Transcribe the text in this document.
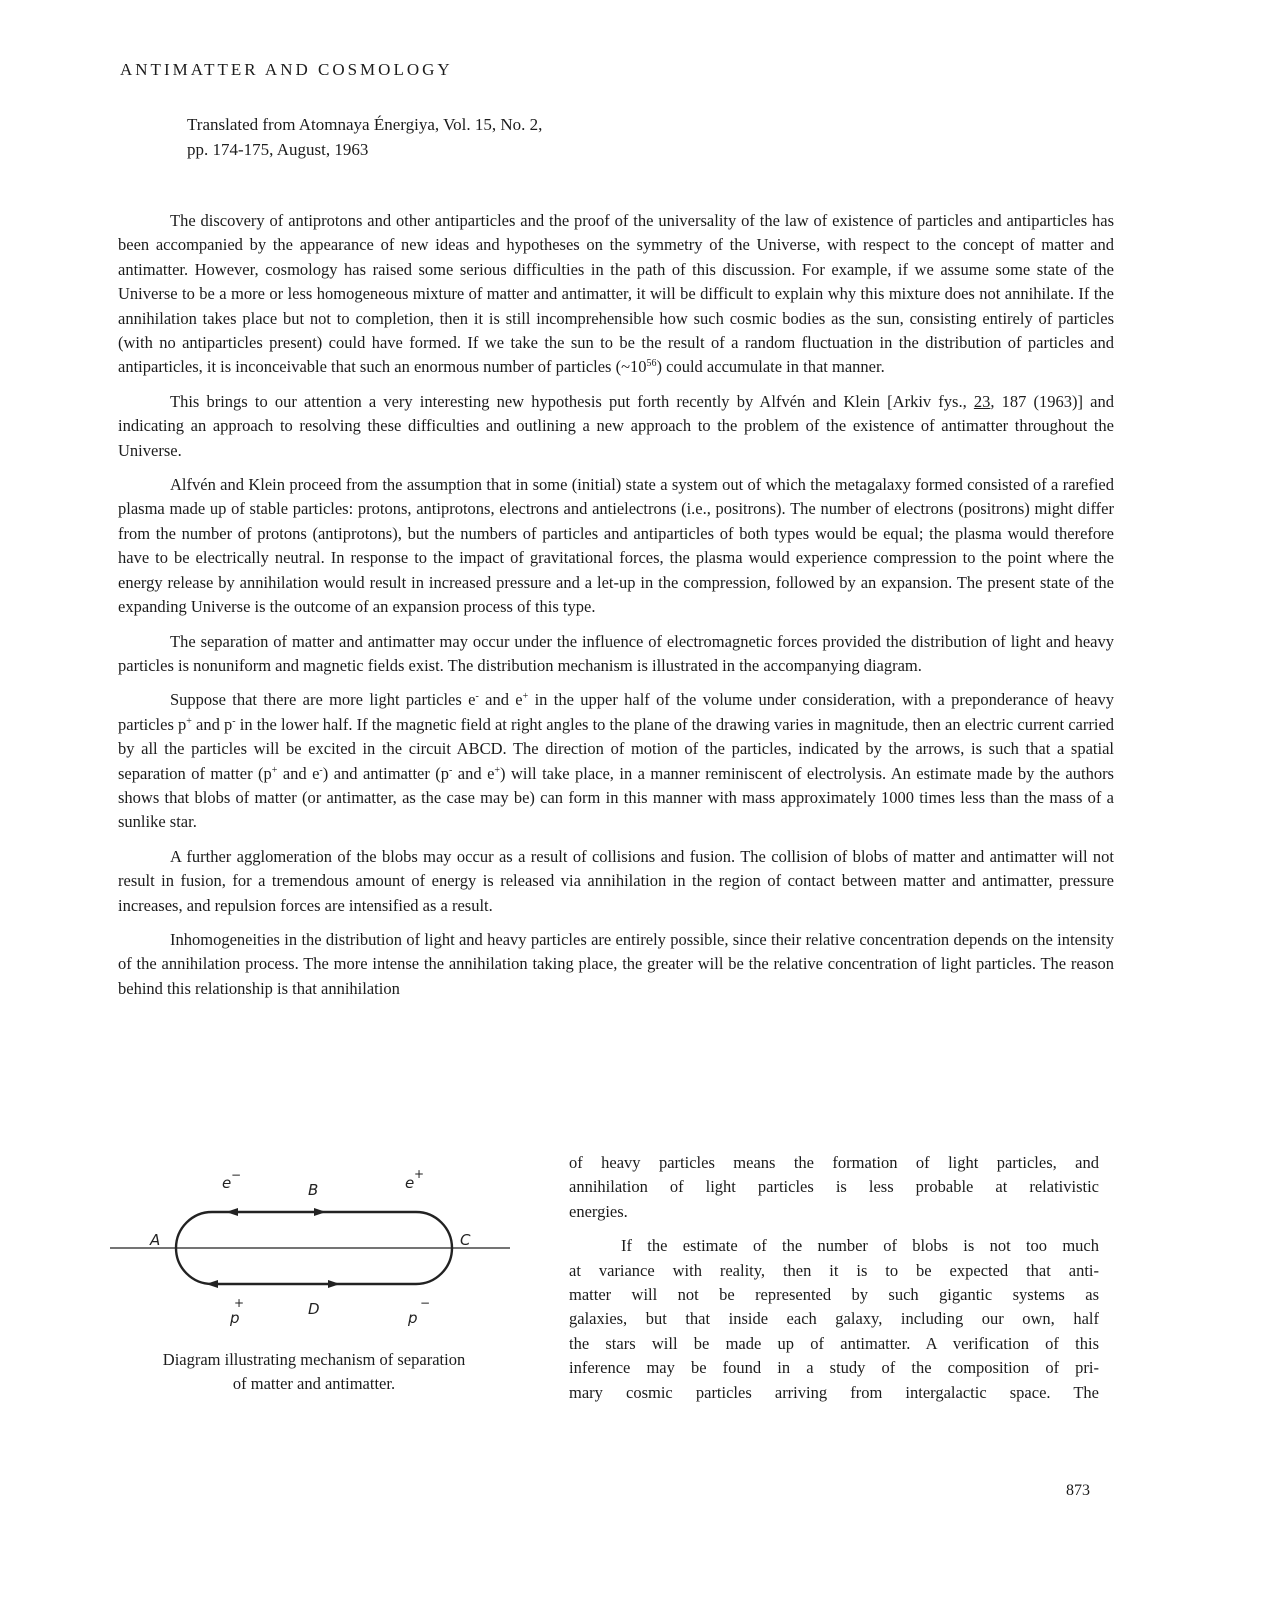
ANTIMATTER AND COSMOLOGY
Translated from Atomnaya Énergiya, Vol. 15, No. 2,
pp. 174-175, August, 1963

The discovery of antiprotons and other antiparticles and the proof of the universality of the law of existence of particles and antiparticles has been accompanied by the appearance of new ideas and hypotheses on the symmetry of the Universe, with respect to the concept of matter and antimatter. However, cosmology has raised some serious difficulties in the path of this discussion. For example, if we assume some state of the Universe to be a more or less homogeneous mixture of matter and antimatter, it will be difficult to explain why this mixture does not annihilate. If the annihilation takes place but not to completion, then it is still incomprehensible how such cosmic bodies as the sun, consisting entirely of particles (with no antiparticles present) could have formed. If we take the sun to be the result of a random fluctuation in the distribution of particles and antiparticles, it is inconceivable that such an enormous number of particles $(\sim 10^{56})$ could accumulate in that manner.

This brings to our attention a very interesting new hypothesis put forth recently by Alfvén and Klein [Arkiv fys., 23, 187 (1963)] and indicating an approach to resolving these difficulties and outlining a new approach to the problem of the existence of antimatter throughout the Universe.

Alfvén and Klein proceed from the assumption that in some (initial) state a system out of which the metagalaxy formed consisted of a rarefied plasma made up of stable particles: protons, antiprotons, electrons and antielectrons (i.e., positrons). The number of electrons (positrons) might differ from the number of protons (antiprotons), but the numbers of particles and antiparticles of both types would be equal; the plasma would therefore have to be electrically neutral. In response to the impact of gravitational forces, the plasma would experience compression to the point where the energy release by annihilation would result in increased pressure and a let-up in the compression, followed by an expansion. The present state of the expanding Universe is the outcome of an expansion process of this type.

The separation of matter and antimatter may occur under the influence of electromagnetic forces provided the distribution of light and heavy particles is nonuniform and magnetic fields exist. The distribution mechanism is illustrated in the accompanying diagram.

Suppose that there are more light particles e- and e+ in the upper half of the volume under consideration, with a preponderance of heavy particles p+ and p- in the lower half. If the magnetic field at right angles to the plane of the drawing varies in magnitude, then an electric current carried by all the particles will be excited in the circuit ABCD. The direction of motion of the particles, indicated by the arrows, is such that a spatial separation of matter (p+ and e-) and antimatter (p- and e+) will take place, in a manner reminiscent of electrolysis. An estimate made by the authors shows that blobs of matter (or antimatter, as the case may be) can form in this manner with mass approximately 1000 times less than the mass of a sunlike star.

A further agglomeration of the blobs may occur as a result of collisions and fusion. The collision of blobs of matter and antimatter will not result in fusion, for a tremendous amount of energy is released via annihilation in the region of contact between matter and antimatter, pressure increases, and repulsion forces are intensified as a result.

Inhomogeneities in the distribution of light and heavy particles are entirely possible, since their relative concentration depends on the intensity of the annihilation process. The more intense the annihilation taking place, the greater will be the relative concentration of light particles. The reason behind this relationship is that annihilation

e −
B	e +
A	C
p
+	D	p
−
Diagram illustrating mechanism of separation
of matter and antimatter.

of heavy particles means the formation of light particles, and
annihilation of light particles is less probable at relativistic
energies.

If the estimate of the number of blobs is not too much
at variance with reality, then it is to be expected that anti-
matter will not be represented by such gigantic systems as
galaxies, but that inside each galaxy, including our own, half
the stars will be made up of antimatter. A verification of this
inference may be found in a study of the composition of pri-
mary cosmic particles arriving from intergalactic space. The

873
